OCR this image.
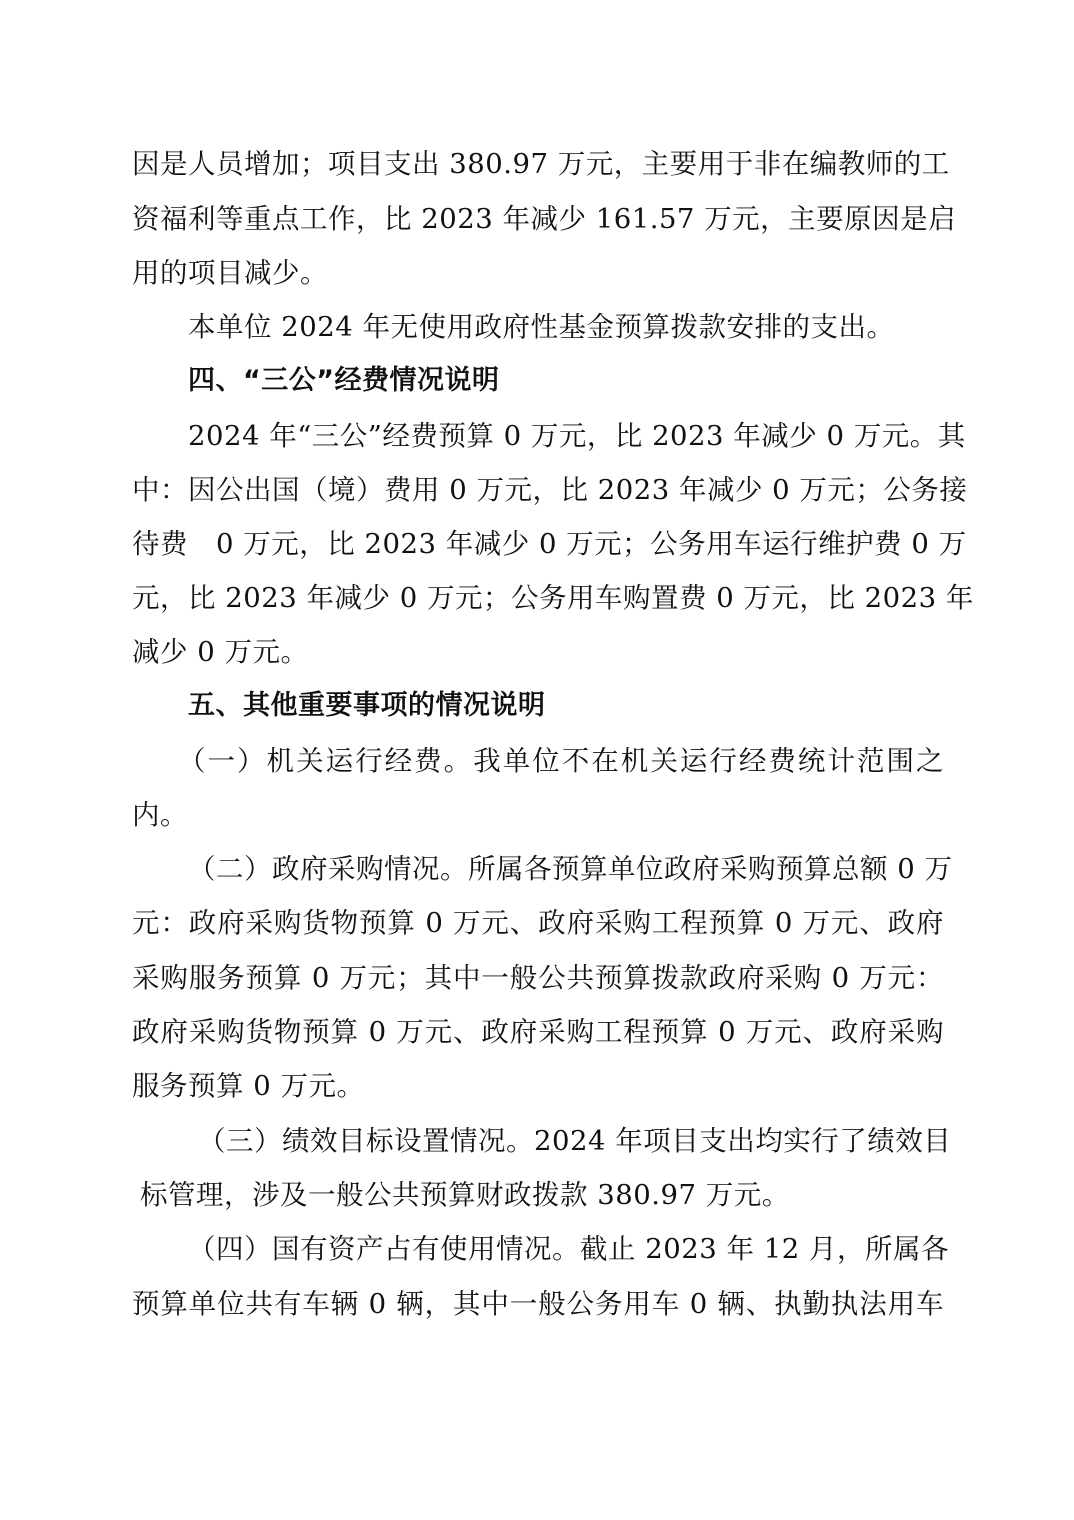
因是人员增加；项目支出 380.97 万元，主要用于非在编教师的工
资福利等重点工作，比 2023 年减少 161.57 万元，主要原因是启
用的项目减少。
本单位 2024 年无使用政府性基金预算拨款安排的支出。
四、“三公”经费情况说明
2024 年“三公”经费预算 0 万元，比 2023 年减少 0 万元。其
中：因公出国（境）费用 0 万元，比 2023 年减少 0 万元；公务接
待费　0 万元，比 2023 年减少 0 万元；公务用车运行维护费 0 万
元，比 2023 年减少 0 万元；公务用车购置费 0 万元，比 2023 年
减少 0 万元。
五、其他重要事项的情况说明
（一）机关运行经费。我单位不在机关运行经费统计范围之
内。
（二）政府采购情况。所属各预算单位政府采购预算总额 0 万
元：政府采购货物预算 0 万元、政府采购工程预算 0 万元、政府
采购服务预算 0 万元；其中一般公共预算拨款政府采购 0 万元：
政府采购货物预算 0 万元、政府采购工程预算 0 万元、政府采购
服务预算 0 万元。
（三）绩效目标设置情况。2024 年项目支出均实行了绩效目
标管理，涉及一般公共预算财政拨款 380.97 万元。
（四）国有资产占有使用情况。截止 2023 年 12 月，所属各
预算单位共有车辆 0 辆，其中一般公务用车 0 辆、执勤执法用车
